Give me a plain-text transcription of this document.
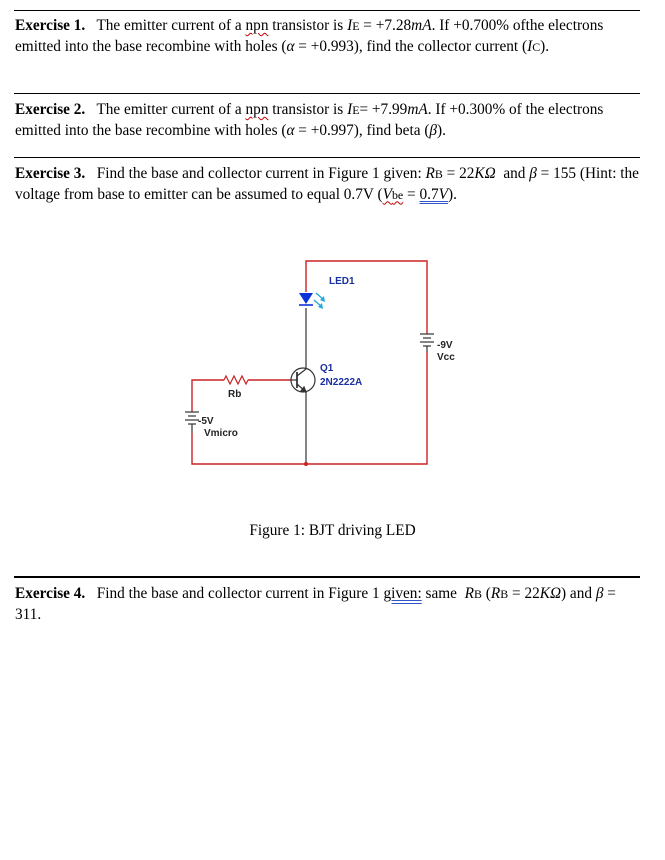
Exercise 1. The emitter current of a npn transistor is IE = +7.28mA. If +0.700% ofthe electrons emitted into the base recombine with holes (α = +0.993), find the collector current (IC).
Exercise 2. The emitter current of a npn transistor is IE= +7.99mA. If +0.300% of the electrons emitted into the base recombine with holes (α = +0.997), find beta (β).
Exercise 3. Find the base and collector current in Figure 1 given: RB = 22KΩ  and β = 155 (Hint: the voltage from base to emitter can be assumed to equal 0.7V (Vbe = 0.7V).
LED1
Q1
2N2222A
Rb
-9V
Vcc
-5V
Vmicro
Figure 1: BJT driving LED
Exercise 4. Find the base and collector current in Figure 1 given: same  RB (RB = 22KΩ) and β = 311.
